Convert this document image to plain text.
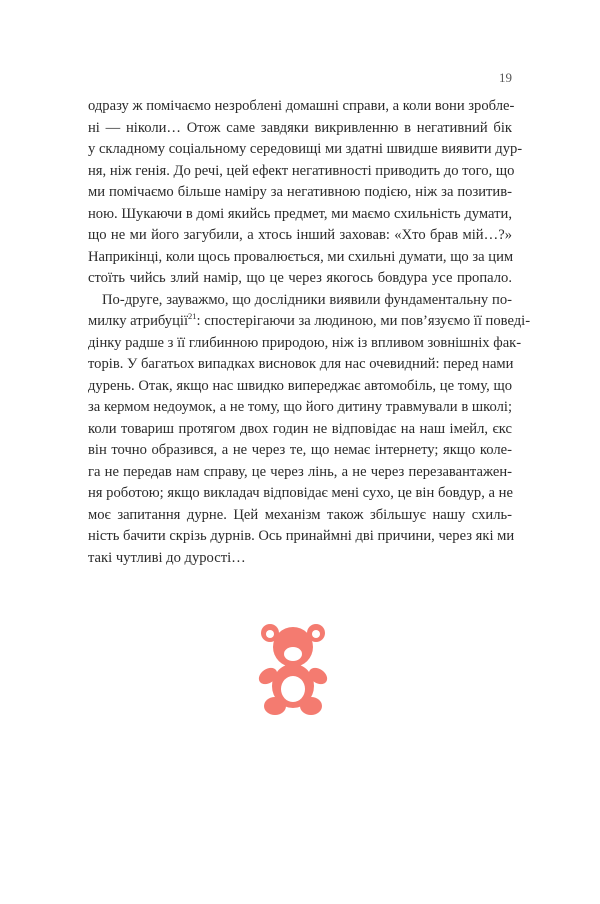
19
одразу ж помічаємо незроблені домашні справи, а коли вони зробле-
ні — ніколи… Отож саме завдяки викривленню в негативний бік
у складному соціальному середовищі ми здатні швидше виявити дур-
ня, ніж генія. До речі, цей ефект негативності приводить до того, що
ми помічаємо більше наміру за негативною подією, ніж за позитив-
ною. Шукаючи в домі якийсь предмет, ми маємо схильність думати,
що не ми його загубили, а хтось інший заховав: «Хто брав мій…?»
Наприкінці, коли щось провалюється, ми схильні думати, що за цим
стоїть чийсь злий намір, що це через якогось бовдура усе пропало.
По-друге, зауважмо, що дослідники виявили фундаментальну по-
милку атрибуції$^{21}$: спостерігаючи за людиною, ми пов’язуємо її поведі-
дінку радше з її глибинною природою, ніж із впливом зовнішніх фак-
торів. У багатьох випадках висновок для нас очевидний: перед нами
дурень. Отак, якщо нас швидко випереджає автомобіль, це тому, що
за кермом недоумок, а не тому, що його дитину травмували в школі;
коли товариш протягом двох годин не відповідає на наш імейл, єкс
він точно образився, а не через те, що немає інтернету; якщо коле-
га не передав нам справу, це через лінь, а не через перезавантажен-
ня роботою; якщо викладач відповідає мені сухо, це він бовдур, а не
моє запитання дурне. Цей механізм також збільшує нашу схиль-
ність бачити скрізь дурнів. Ось принаймні дві причини, через які ми
такі чутливі до дурості…
